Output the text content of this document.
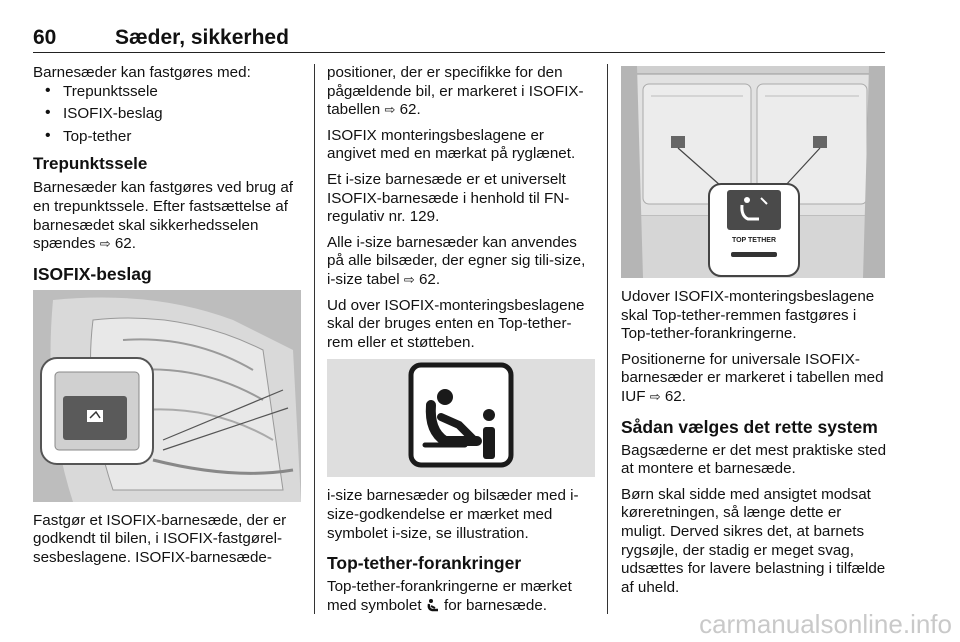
60	Sæder, sikkerhed

Barnesæder kan fastgøres med:

• Trepunktssele
• ISOFIX-beslag
• Top-tether
Trepunktssele

Barnesæder kan fastgøres ved brug af en trepunktssele. Efter fastsættelse af barnesædet skal sikkerhedsselen spændes ⇨ 62.

ISOFIX-beslag

Fastgør et ISOFIX-barnesæde, der er godkendt til bilen, i ISOFIX-fastgørelsesbeslagene. ISOFIX-barnesæde-

positioner, der er specifikke for den pågældende bil, er markeret i ISOFIX-tabellen ⇨ 62.

ISOFIX monteringsbeslagene er angivet med en mærkat på ryglænet.

Et i-size barnesæde er et universelt ISOFIX-barnesæde i henhold til FN-regulativ nr. 129.

Alle i-size barnesæder kan anvendes på alle bilsæder, der egner sig tili-size, i-size tabel ⇨ 62.

Ud over ISOFIX-monteringsbeslagene skal der bruges enten en Top-tether-rem eller et støtteben.

i-size barnesæder og bilsæder med i-size-godkendelse er mærket med symbolet i-size, se illustration.

Top-tether-forankringer

Top-tether-forankringerne er mærket med symbolet for barnesæde.

TOP TETHER

Udover ISOFIX-monteringsbeslagene skal Top-tether-remmen fastgøres i Top-tether-forankringerne.

Positionerne for universale ISOFIX-barnesæder er markeret i tabellen med IUF ⇨ 62.

Sådan vælges det rette system

Bagsæderne er det mest praktiske sted at montere et barnesæde.

Børn skal sidde med ansigtet modsat køreretningen, så længe dette er muligt. Derved sikres det, at barnets rygsøjle, der stadig er meget svag, udsættes for lavere belastning i tilfælde af uheld.

carmanualsonline.info
